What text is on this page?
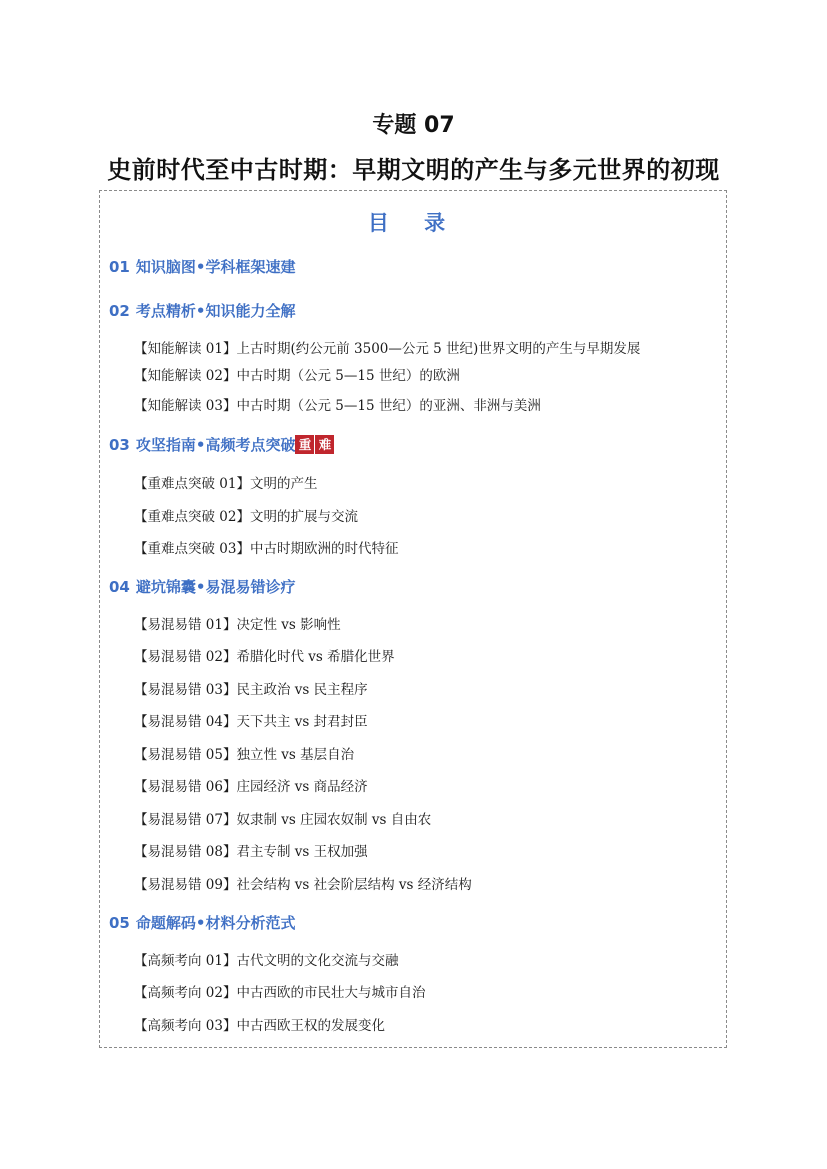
专题 07
史前时代至中古时期：早期文明的产生与多元世界的初现
目 录
01 知识脑图•学科框架速建
02 考点精析•知识能力全解
【知能解读 01】上古时期(约公元前 3500—公元 5 世纪)世界文明的产生与早期发展
【知能解读 02】中古时期（公元 5—15 世纪）的欧洲
【知能解读 03】中古时期（公元 5—15 世纪）的亚洲、非洲与美洲
03 攻坚指南•高频考点突破 重 难
【重难点突破 01】文明的产生
【重难点突破 02】文明的扩展与交流
【重难点突破 03】中古时期欧洲的时代特征
04 避坑锦囊•易混易错诊疗
【易混易错 01】决定性 vs 影响性
【易混易错 02】希腊化时代 vs 希腊化世界
【易混易错 03】民主政治 vs 民主程序
【易混易错 04】天下共主 vs 封君封臣
【易混易错 05】独立性 vs 基层自治
【易混易错 06】庄园经济 vs 商品经济
【易混易错 07】奴隶制 vs 庄园农奴制 vs 自由农
【易混易错 08】君主专制 vs 王权加强
【易混易错 09】社会结构 vs 社会阶层结构 vs 经济结构
05 命题解码•材料分析范式
【高频考向 01】古代文明的文化交流与交融
【高频考向 02】中古西欧的市民壮大与城市自治
【高频考向 03】中古西欧王权的发展变化
